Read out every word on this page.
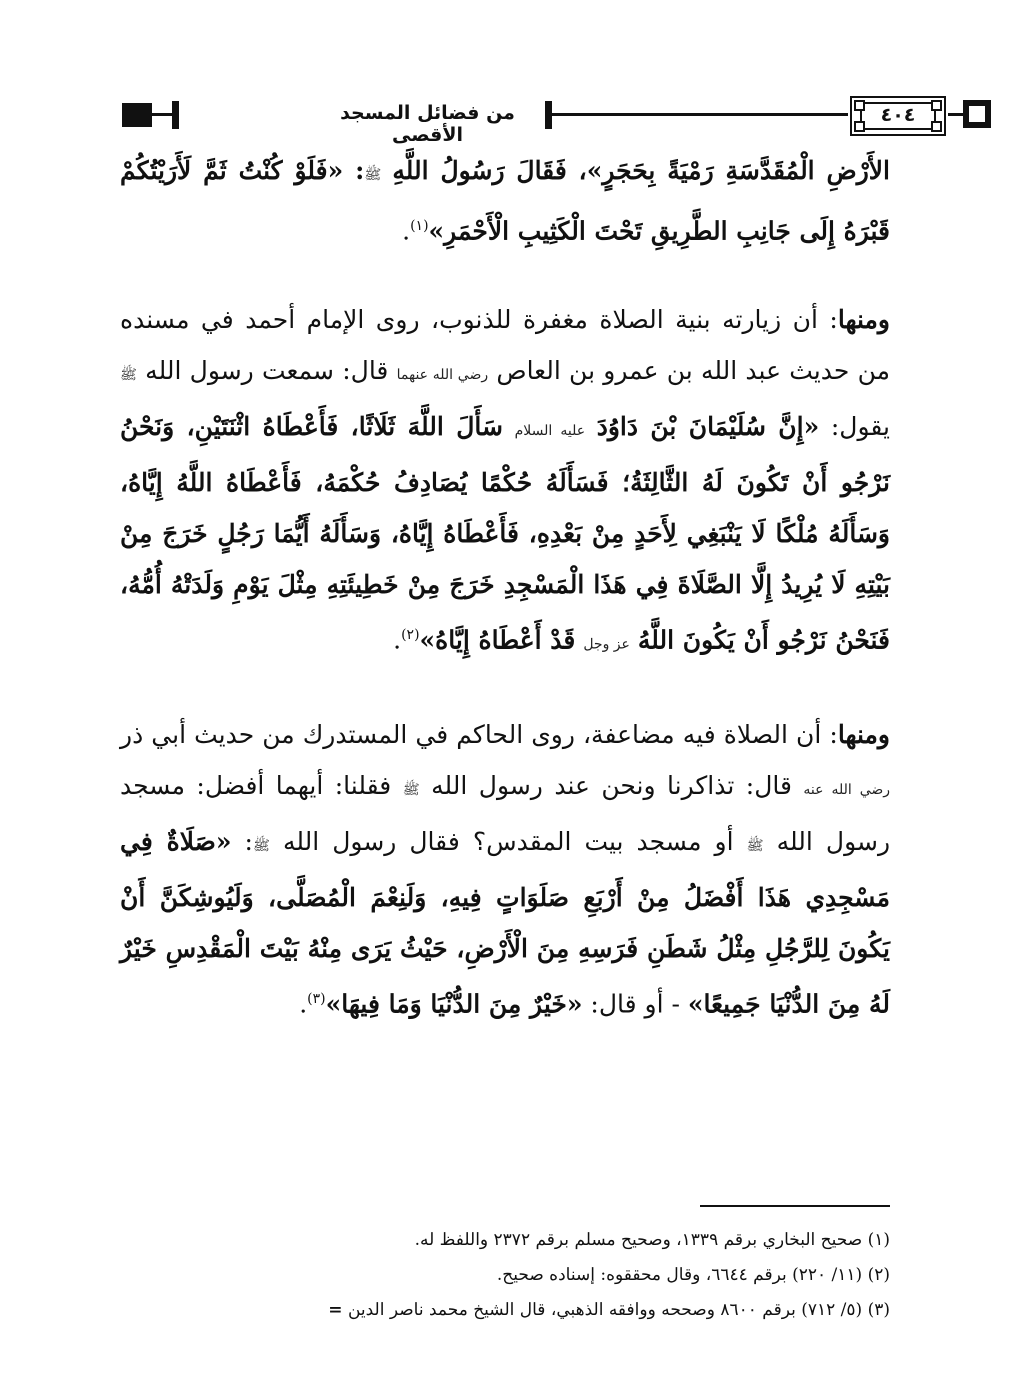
من فضائل المسجد الأقصى
٤٠٤

الأَرْضِ الْمُقَدَّسَةِ رَمْيَةً بِحَجَرٍ»، فَقَالَ رَسُولُ اللَّهِ ﷺ: «فَلَوْ كُنْتُ ثَمَّ لَأَرَيْتُكُمْ قَبْرَهُ إِلَى جَانِبِ الطَّرِيقِ تَحْتَ الْكَثِيبِ الْأَحْمَرِ»$^{(١)}$.

ومنها: أن زيارته بنية الصلاة مغفرة للذنوب، روى الإمام أحمد في مسنده من حديث عبد الله بن عمرو بن العاص رضي الله عنهما قال: سمعت رسول الله ﷺ يقول: «إِنَّ سُلَيْمَانَ بْنَ دَاوُدَ عليه السلام سَأَلَ اللَّهَ ثَلَاثًا، فَأَعْطَاهُ اثْنَتَيْنِ، وَنَحْنُ نَرْجُو أَنْ تَكُونَ لَهُ الثَّالِثَةُ؛ فَسَأَلَهُ حُكْمًا يُصَادِفُ حُكْمَهُ، فَأَعْطَاهُ اللَّهُ إِيَّاهُ، وَسَأَلَهُ مُلْكًا لَا يَنْبَغِي لِأَحَدٍ مِنْ بَعْدِهِ، فَأَعْطَاهُ إِيَّاهُ، وَسَأَلَهُ أَيُّمَا رَجُلٍ خَرَجَ مِنْ بَيْتِهِ لَا يُرِيدُ إِلَّا الصَّلَاةَ فِي هَذَا الْمَسْجِدِ خَرَجَ مِنْ خَطِيئَتِهِ مِثْلَ يَوْمِ وَلَدَتْهُ أُمُّهُ، فَنَحْنُ نَرْجُو أَنْ يَكُونَ اللَّهُ عز وجل قَدْ أَعْطَاهُ إِيَّاهُ»$^{(٢)}$.

ومنها: أن الصلاة فيه مضاعفة، روى الحاكم في المستدرك من حديث أبي ذر رضي الله عنه قال: تذاكرنا ونحن عند رسول الله ﷺ فقلنا: أيهما أفضل: مسجد رسول الله ﷺ أو مسجد بيت المقدس؟ فقال رسول الله ﷺ: «صَلَاةٌ فِي مَسْجِدِي هَذَا أَفْضَلُ مِنْ أَرْبَعِ صَلَوَاتٍ فِيهِ، وَلَنِعْمَ الْمُصَلَّى، وَلَيُوشِكَنَّ أَنْ يَكُونَ لِلرَّجُلِ مِثْلُ شَطَنِ فَرَسِهِ مِنَ الْأَرْضِ، حَيْثُ يَرَى مِنْهُ بَيْتَ الْمَقْدِسِ خَيْرٌ لَهُ مِنَ الدُّنْيَا جَمِيعًا» - أو قال: «خَيْرٌ مِنَ الدُّنْيَا وَمَا فِيهَا»$^{(٣)}$.

(١) صحيح البخاري برقم ١٣٣٩، وصحيح مسلم برقم ٢٣٧٢ واللفظ له.
(٢) (١١/ ٢٢٠) برقم ٦٦٤٤، وقال محققوه: إسناده صحيح.
(٣) (٥/ ٧١٢) برقم ٨٦٠٠ وصححه ووافقه الذهبي، قال الشيخ محمد ناصر الدين =
